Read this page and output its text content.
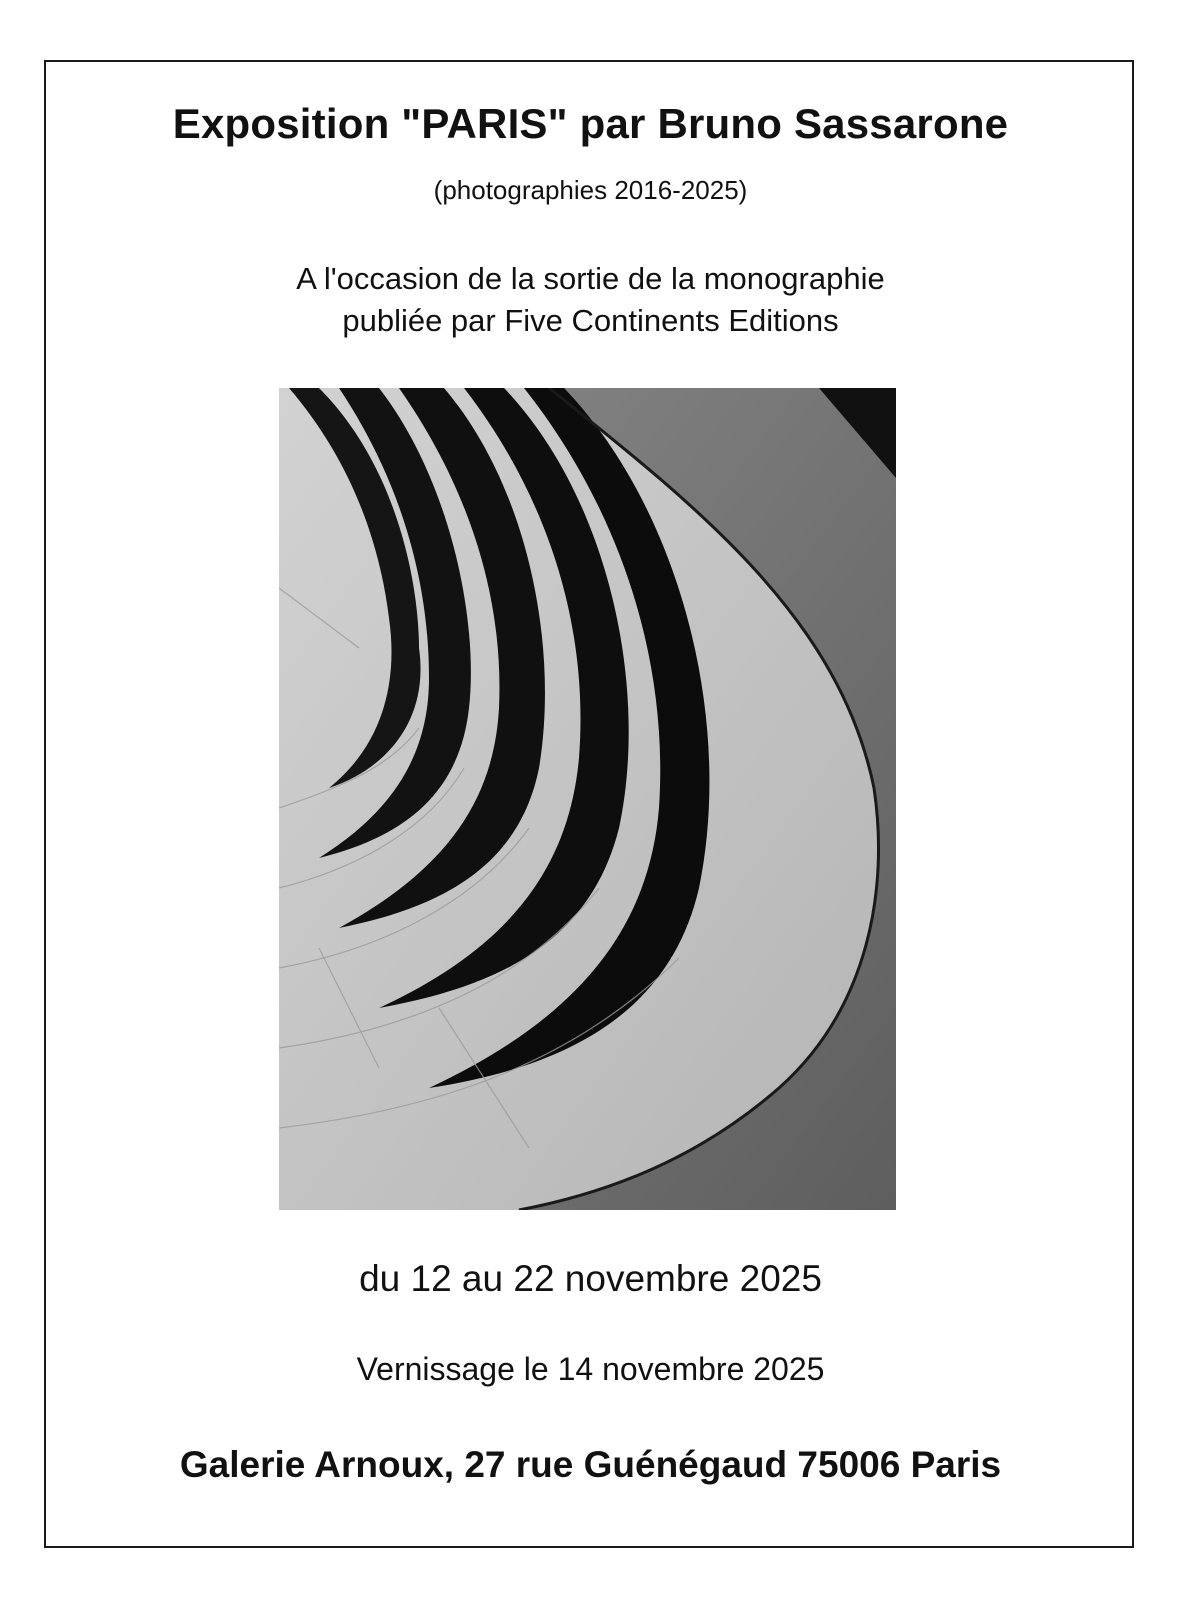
Exposition "PARIS" par Bruno Sassarone
(photographies 2016-2025)
A l'occasion de la sortie de la monographie
publiée par Five Continents Editions
du 12 au 22 novembre 2025
Vernissage le 14 novembre 2025
Galerie Arnoux, 27 rue Guénégaud 75006 Paris
